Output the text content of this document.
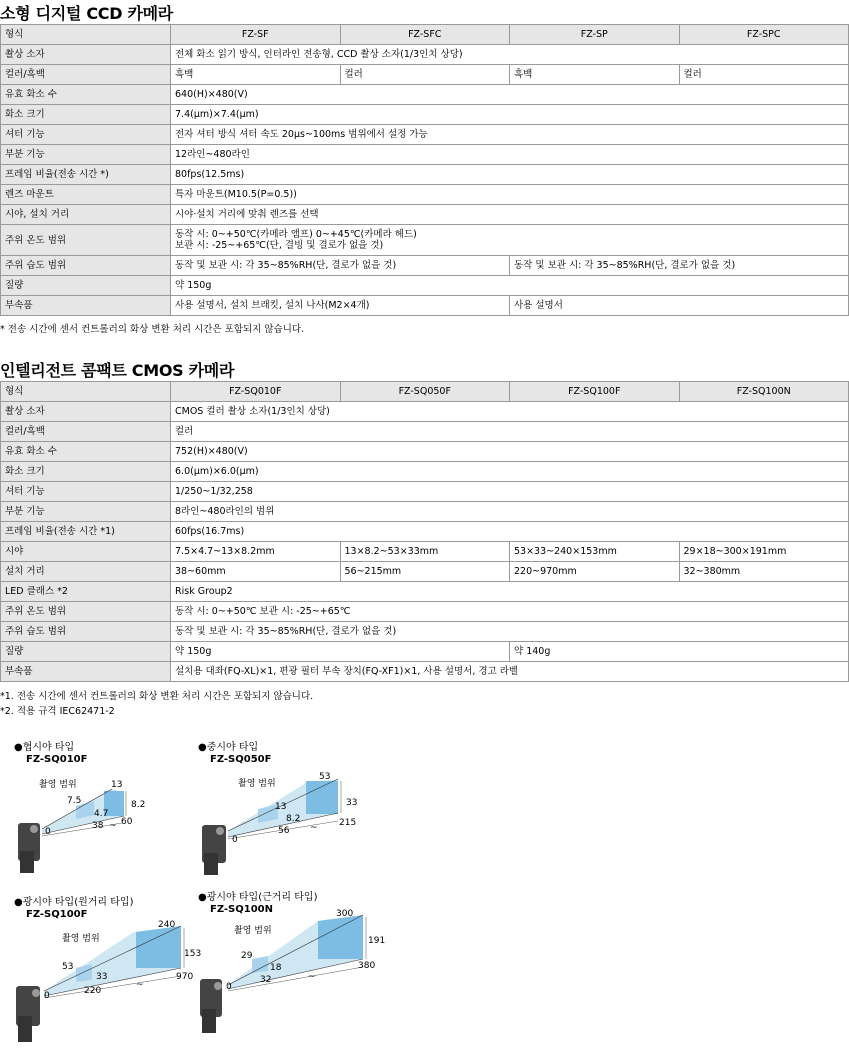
소형 디지털 CCD 카메라
형식	FZ-SF	FZ-SFC	FZ-SP	FZ-SPC
촬상 소자	전체 화소 읽기 방식, 인터라인 전송형, CCD 촬상 소자(1/3인치 상당)			
컬러/흑백	흑백	컬러	흑백	컬러
유효 화소 수	640(H)×480(V)			
화소 크기	7.4(μm)×7.4(μm)			
셔터 기능	전자 셔터 방식 셔터 속도 20μs~100ms 범위에서 설정 가능			
부분 기능	12라인~480라인			
프레임 비율(전송 시간 *)	80fps(12.5ms)			
렌즈 마운트	특자 마운트(M10.5(P=0.5))			
시야, 설치 거리	시야·설치 거리에 맞춰 렌즈를 선택			
주위 온도 범위	동작 시: 0~+50℃(카메라 앰프) 0~+45℃(카메라 헤드)
보관 시: -25~+65℃(단, 결빙 및 결로가 없을 것)			

주위 습도 범위	동작 및 보관 시: 각 35~85%RH(단, 결로가 없을 것)		동작 및 보관 시: 각 35~85%RH(단, 결로가 없을 것)	
질량	약 150g			
부속품	사용 설명서, 설치 브래킷, 설치 나사(M2×4개)		사용 설명서	
* 전송 시간에 센서 컨트롤러의 화상 변환 처리 시간은 포함되지 않습니다.
인텔리전트 콤팩트 CMOS 카메라
형식	FZ-SQ010F	FZ-SQ050F	FZ-SQ100F	FZ-SQ100N
촬상 소자	CMOS 컬러 촬상 소자(1/3인치 상당)			
컬러/흑백	컬러			
유효 화소 수	752(H)×480(V)			
화소 크기	6.0(μm)×6.0(μm)			
셔터 기능	1/250~1/32,258			
부분 기능	8라인~480라인의 범위			
프레임 비율(전송 시간 *1)	60fps(16.7ms)			
시야	7.5×4.7~13×8.2mm	13×8.2~53×33mm	53×33~240×153mm	29×18~300×191mm
설치 거리	38~60mm	56~215mm	220~970mm	32~380mm
LED 클래스 *2	Risk Group2			
주위 온도 범위	동작 시: 0~+50℃ 보관 시: -25~+65℃			
주위 습도 범위	동작 및 보관 시: 각 35~85%RH(단, 결로가 없을 것)			
질량	약 150g		약 140g	
부속품	설치용 대좌(FQ-XL)×1, 편광 필터 부속 장치(FQ-XF1)×1, 사용 설명서, 경고 라벨			
*1. 전송 시간에 센서 컨트롤러의 화상 변환 처리 시간은 포함되지 않습니다.
*2. 적용 규격 IEC62471-2
●협시야 타입
FZ-SQ010F
촬영 범위
7.5
4.7
13
8.2
0
38 ~ 60
●중시야 타입
FZ-SQ050F
촬영 범위
13
8.2
53
33
0
56 ~ 215
●광시야 타입(원거리 타입)
FZ-SQ100F
촬영 범위
53
33
240
153
0	220
~
970
●광시야 타입(근거리 타입)
FZ-SQ100N
촬영 범위
29
18
300
191
0
32	~
380
